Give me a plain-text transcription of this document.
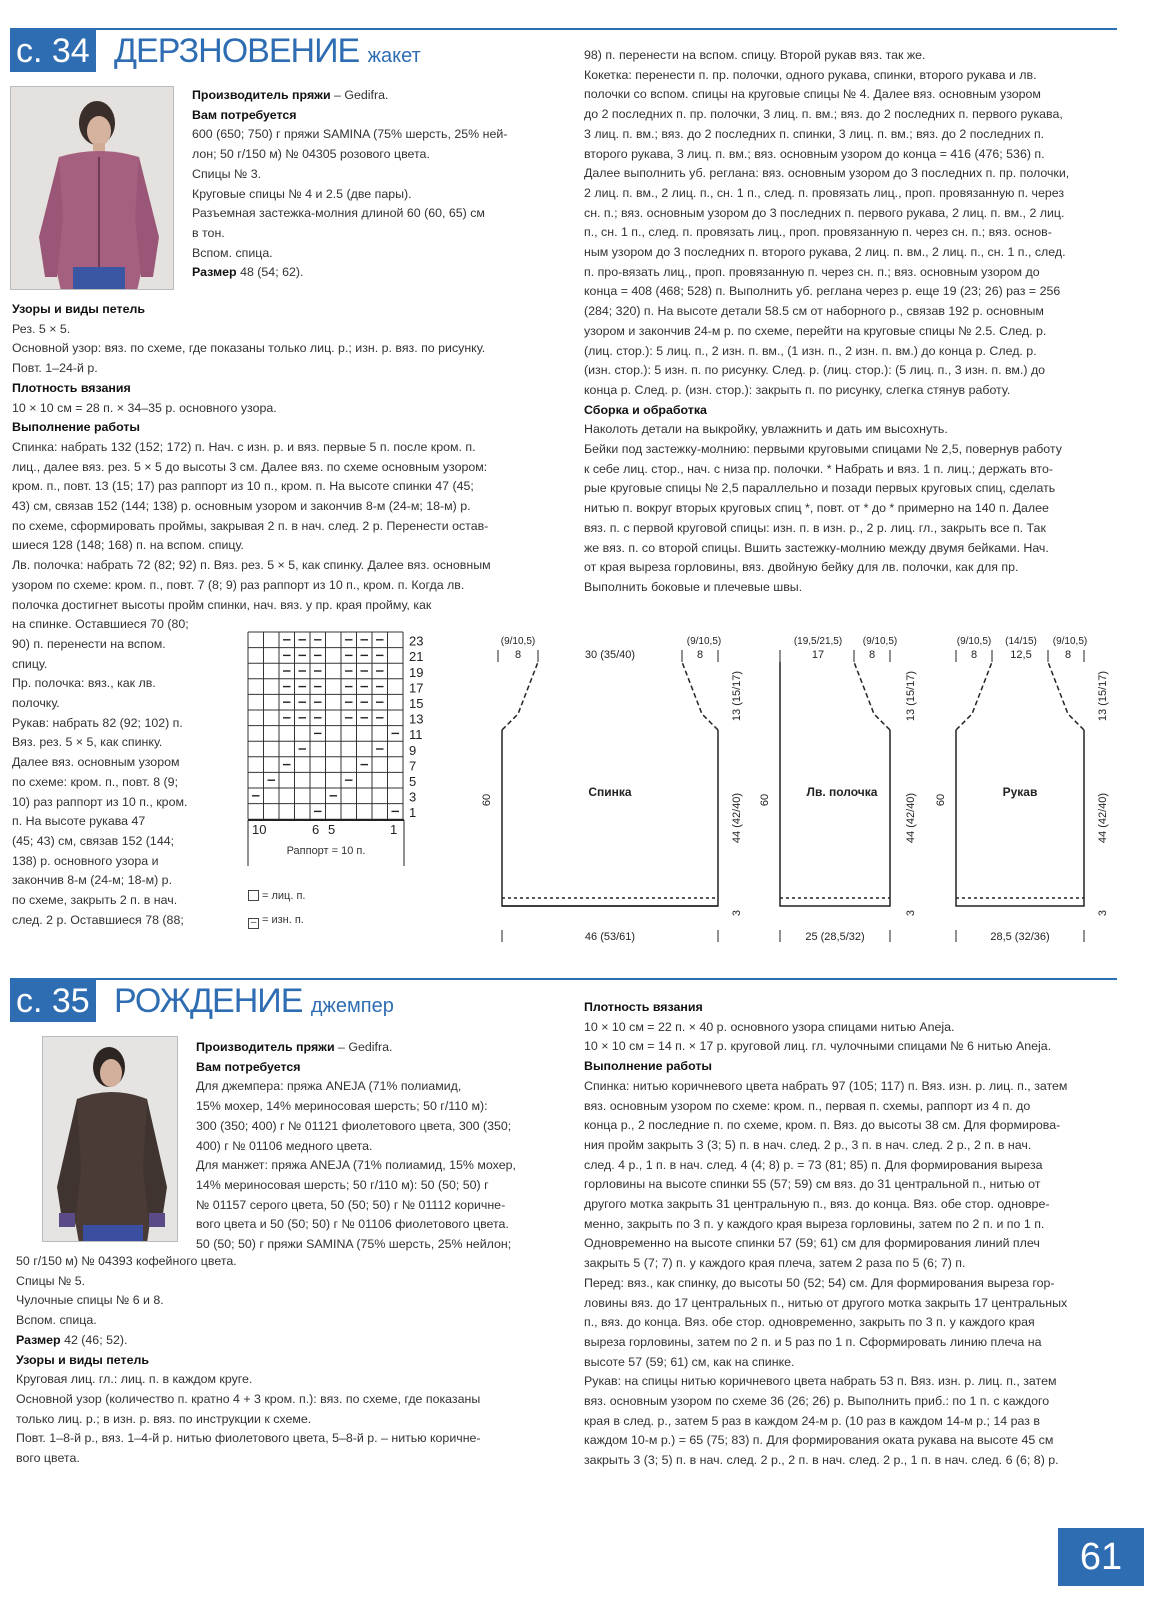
с. 34 ДЕРЗНОВЕНИЕ жакет

Производитель пряжи – Gedifra.

Вам потребуется

600 (650; 750) г пряжи SAMINA (75% шерсть, 25% ней-

лон; 50 г/150 м) № 04305 розового цвета.

Спицы № 3.

Круговые спицы № 4 и 2.5 (две пары).

Разъемная застежка-молния длиной 60 (60, 65) см

в тон.

Вспом. спица.

Размер 48 (54; 62).

Узоры и виды петель

Рез. 5 × 5.

Основной узор: вяз. по схеме, где показаны только лиц. р.; изн. р. вяз. по рисунку.

Повт. 1–24-й р.

Плотность вязания

10 × 10 см = 28 п. × 34–35 р. основного узора.

Выполнение работы

Спинка: набрать 132 (152; 172) п. Нач. с изн. р. и вяз. первые 5 п. после кром. п.

лиц., далее вяз. рез. 5 × 5 до высоты 3 см. Далее вяз. по схеме основным узором:

кром. п., повт. 13 (15; 17) раз раппорт из 10 п., кром. п. На высоте спинки 47 (45;

43) см, связав 152 (144; 138) р. основным узором и закончив 8-м (24-м; 18-м) р.

по схеме, сформировать проймы, закрывая 2 п. в нач. след. 2 р. Перенести остав-

шиеся 128 (148; 168) п. на вспом. спицу.

Лв. полочка: набрать 72 (82; 92) п. Вяз. рез. 5 × 5, как спинку. Далее вяз. основным

узором по схеме: кром. п., повт. 7 (8; 9) раз раппорт из 10 п., кром. п. Когда лв.

полочка достигнет высоты пройм спинки, нач. вяз. у пр. края пройму, как

на спинке. Оставшиеся 70 (80;

90) п. перенести на вспом.

спицу.

Пр. полочка: вяз., как лв.

полочку.

Рукав: набрать 82 (92; 102) п.

Вяз. рез. 5 × 5, как спинку.

Далее вяз. основным узором

по схеме: кром. п., повт. 8 (9;

10) раз раппорт из 10 п., кром.

п. На высоте рукава 47

(45; 43) см, связав 152 (144;

138) р. основного узора и

закончив 8-м (24-м; 18-м) р.

по схеме, закрыть 2 п. в нач.

след. 2 р. Оставшиеся 78 (88;

98) п. перенести на вспом. спицу. Второй рукав вяз. так же.

Кокетка: перенести п. пр. полочки, одного рукава, спинки, второго рукава и лв.

полочки со вспом. спицы на круговые спицы № 4. Далее вяз. основным узором

до 2 последних п. пр. полочки, 3 лиц. п. вм.; вяз. до 2 последних п. первого рукава,

3 лиц. п. вм.; вяз. до 2 последних п. спинки, 3 лиц. п. вм.; вяз. до 2 последних п.

второго рукава, 3 лиц. п. вм.; вяз. основным узором до конца = 416 (476; 536) п.

Далее выполнить уб. реглана: вяз. основным узором до 3 последних п. пр. полочки,

2 лиц. п. вм., 2 лиц. п., сн. 1 п., след. п. провязать лиц., проп. провязанную п. через

сн. п.; вяз. основным узором до 3 последних п. первого рукава, 2 лиц. п. вм., 2 лиц.

п., сн. 1 п., след. п. провязать лиц., проп. провязанную п. через сн. п.; вяз. основ-

ным узором до 3 последних п. второго рукава, 2 лиц. п. вм., 2 лиц. п., сн. 1 п., след.

п. про-вязать лиц., проп. провязанную п. через сн. п.; вяз. основным узором до

конца = 408 (468; 528) п. Выполнить уб. реглана через р. еще 19 (23; 26) раз = 256

(284; 320) п. На высоте детали 58.5 см от наборного р., связав 192 р. основным

узором и закончив 24-м р. по схеме, перейти на круговые спицы № 2.5. След. р.

(лиц. стор.): 5 лиц. п., 2 изн. п. вм., (1 изн. п., 2 изн. п. вм.) до конца р. След. р.

(изн. стор.): 5 изн. п. по рисунку. След. р. (лиц. стор.): (5 лиц. п., 3 изн. п. вм.) до

конца р. След. р. (изн. стор.): закрыть п. по рисунку, слегка стянув работу.

Сборка и обработка

Наколоть детали на выкройку, увлажнить и дать им высохнуть.

Бейки под застежку-молнию: первыми круговыми спицами № 2,5, повернув работу

к себе лиц. стор., нач. с низа пр. полочки. * Набрать и вяз. 1 п. лиц.; держать вто-

рые круговые спицы № 2,5 параллельно и позади первых круговых спиц, сделать

нитью п. вокруг вторых круговых спиц *, повт. от * до * примерно на 140 п. Далее

вяз. п. с первой круговой спицы: изн. п. в изн. р., 2 р. лиц. гл., закрыть все п. Так

же вяз. п. со второй спицы. Вшить застежку-молнию между двумя бейками. Нач.

от края выреза горловины, вяз. двойную бейку для лв. полочки, как для пр.

Выполнить боковые и плечевые швы.

23
21
19
17
15
13
11
9
7
5
3
1
10	6 5	1
Раппорт = 10 п.
= лиц. п.
– = изн. п.
(9/10,5)
8	30 (35/40)
(9/10,5)
8
Спинка
60
13 (15/17)
44 (42/40)
3
46 (53/61)
(19,5/21,5)
17
(9/10,5)
8
Лв. полочка
60
13 (15/17)
44 (42/40)
3
25 (28,5/32)
(9/10,5)
8
(14/15)
12,5
(9/10,5)
8
Рукав
60
13 (15/17)
44 (42/40)
3
28,5 (32/36)
с. 35 РОЖДЕНИЕ джемпер

Производитель пряжи – Gedifra.

Вам потребуется

Для джемпера: пряжа ANEJA (71% полиамид,

15% мохер, 14% мериносовая шерсть; 50 г/110 м):

300 (350; 400) г № 01121 фиолетового цвета, 300 (350;

400) г № 01106 медного цвета.

Для манжет: пряжа ANEJA (71% полиамид, 15% мохер,

14% мериносовая шерсть; 50 г/110 м): 50 (50; 50) г

№ 01157 серого цвета, 50 (50; 50) г № 01112 коричне-

вого цвета и 50 (50; 50) г № 01106 фиолетового цвета.

50 (50; 50) г пряжи SAMINA (75% шерсть, 25% нейлон;

50 г/150 м) № 04393 кофейного цвета.

Спицы № 5.

Чулочные спицы № 6 и 8.

Вспом. спица.

Размер 42 (46; 52).

Узоры и виды петель

Круговая лиц. гл.: лиц. п. в каждом круге.

Основной узор (количество п. кратно 4 + 3 кром. п.): вяз. по схеме, где показаны

только лиц. р.; в изн. р. вяз. по инструкции к схеме.

Повт. 1–8-й р., вяз. 1–4-й р. нитью фиолетового цвета, 5–8-й р. – нитью коричне-

вого цвета.

Плотность вязания

10 × 10 см = 22 п. × 40 р. основного узора спицами нитью Aneja.

10 × 10 см = 14 п. × 17 р. круговой лиц. гл. чулочными спицами № 6 нитью Aneja.

Выполнение работы

Спинка: нитью коричневого цвета набрать 97 (105; 117) п. Вяз. изн. р. лиц. п., затем

вяз. основным узором по схеме: кром. п., первая п. схемы, раппорт из 4 п. до

конца р., 2 последние п. по схеме, кром. п. Вяз. до высоты 38 см. Для формирова-

ния пройм закрыть 3 (3; 5) п. в нач. след. 2 р., 3 п. в нач. след. 2 р., 2 п. в нач.

след. 4 р., 1 п. в нач. след. 4 (4; 8) р. = 73 (81; 85) п. Для формирования выреза

горловины на высоте спинки 55 (57; 59) см вяз. до 31 центральной п., нитью от

другого мотка закрыть 31 центральную п., вяз. до конца. Вяз. обе стор. одновре-

менно, закрыть по 3 п. у каждого края выреза горловины, затем по 2 п. и по 1 п.

Одновременно на высоте спинки 57 (59; 61) см для формирования линий плеч

закрыть 5 (7; 7) п. у каждого края плеча, затем 2 раза по 5 (6; 7) п.

Перед: вяз., как спинку, до высоты 50 (52; 54) см. Для формирования выреза гор-

ловины вяз. до 17 центральных п., нитью от другого мотка закрыть 17 центральных

п., вяз. до конца. Вяз. обе стор. одновременно, закрыть по 3 п. у каждого края

выреза горловины, затем по 2 п. и 5 раз по 1 п. Сформировать линию плеча на

высоте 57 (59; 61) см, как на спинке.

Рукав: на спицы нитью коричневого цвета набрать 53 п. Вяз. изн. р. лиц. п., затем

вяз. основным узором по схеме 36 (26; 26) р. Выполнить приб.: по 1 п. с каждого

края в след. р., затем 5 раз в каждом 24-м р. (10 раз в каждом 14-м р.; 14 раз в

каждом 10-м р.) = 65 (75; 83) п. Для формирования оката рукава на высоте 45 см

закрыть 3 (3; 5) п. в нач. след. 2 р., 2 п. в нач. след. 2 р., 1 п. в нач. след. 6 (6; 8) р.

61
